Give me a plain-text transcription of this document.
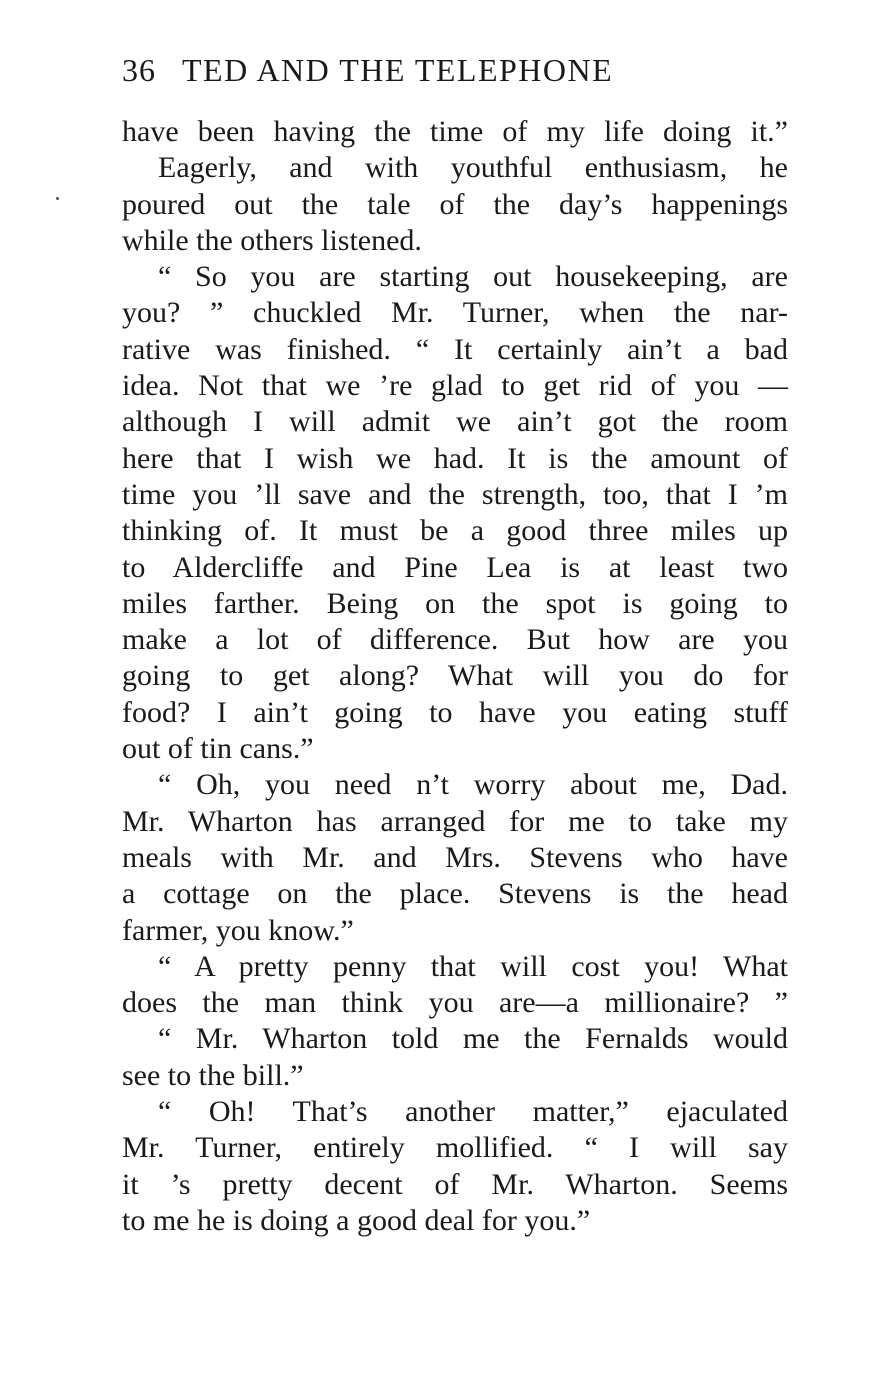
36 TED AND THE TELEPHONE
have been having the time of my life doing it.”
Eagerly, and with youthful enthusiasm, he
poured out the tale of the day’s happenings
while the others listened.
“ So you are starting out housekeeping, are
you? ” chuckled Mr. Turner, when the nar-
rative was finished. “ It certainly ain’t a bad
idea. Not that we ’re glad to get rid of you —
although I will admit we ain’t got the room
here that I wish we had. It is the amount of
time you ’ll save and the strength, too, that I ’m
thinking of. It must be a good three miles up
to Aldercliffe and Pine Lea is at least two
miles farther. Being on the spot is going to
make a lot of difference. But how are you
going to get along? What will you do for
food? I ain’t going to have you eating stuff
out of tin cans.”
“ Oh, you need n’t worry about me, Dad.
Mr. Wharton has arranged for me to take my
meals with Mr. and Mrs. Stevens who have
a cottage on the place. Stevens is the head
farmer, you know.”
“ A pretty penny that will cost you! What
does the man think you are—a millionaire? ”
“ Mr. Wharton told me the Fernalds would
see to the bill.”
“ Oh! That’s another matter,” ejaculated
Mr. Turner, entirely mollified. “ I will say
it ’s pretty decent of Mr. Wharton. Seems
to me he is doing a good deal for you.”
